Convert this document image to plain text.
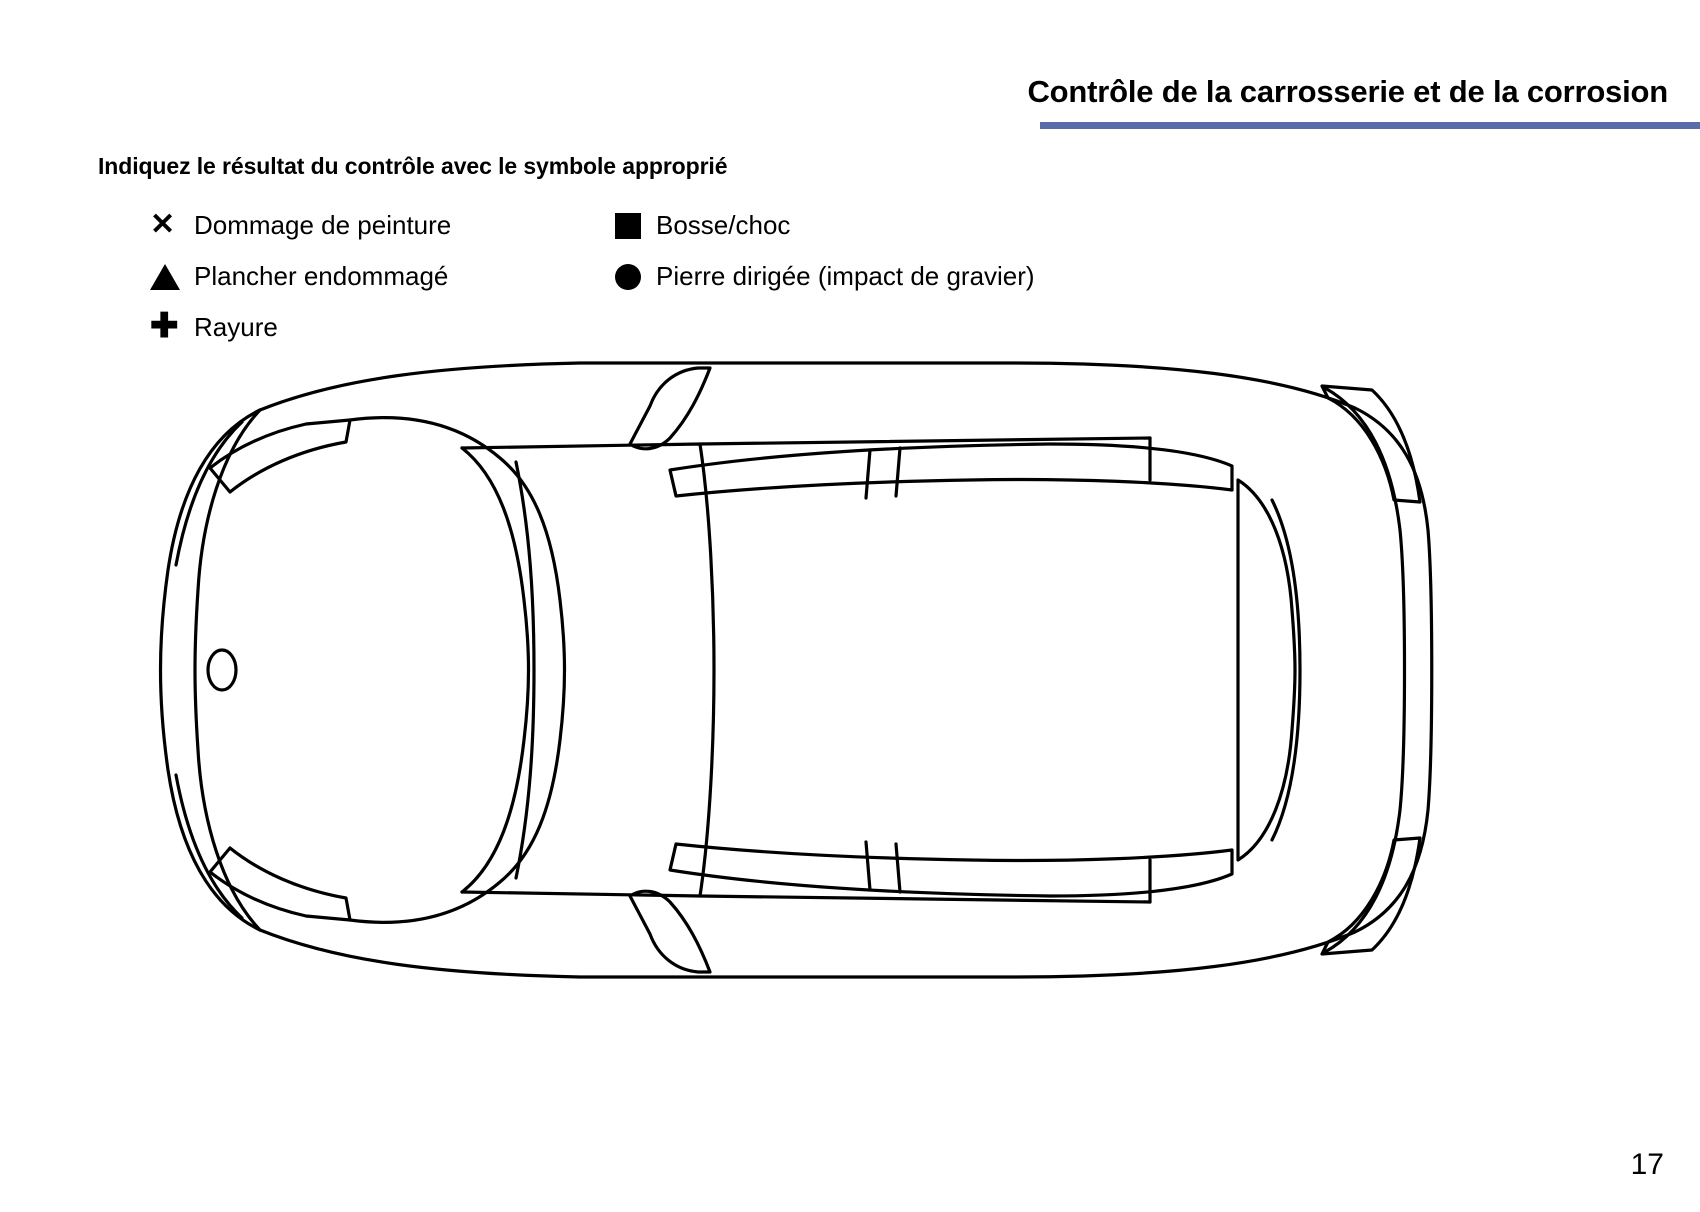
Contrôle de la carrosserie et de la corrosion
Indiquez le résultat du contrôle avec le symbole approprié
✕ Dommage de peinture
Plancher endommagé
✚ Rayure
Bosse/choc
Pierre dirigée (impact de gravier)
17
